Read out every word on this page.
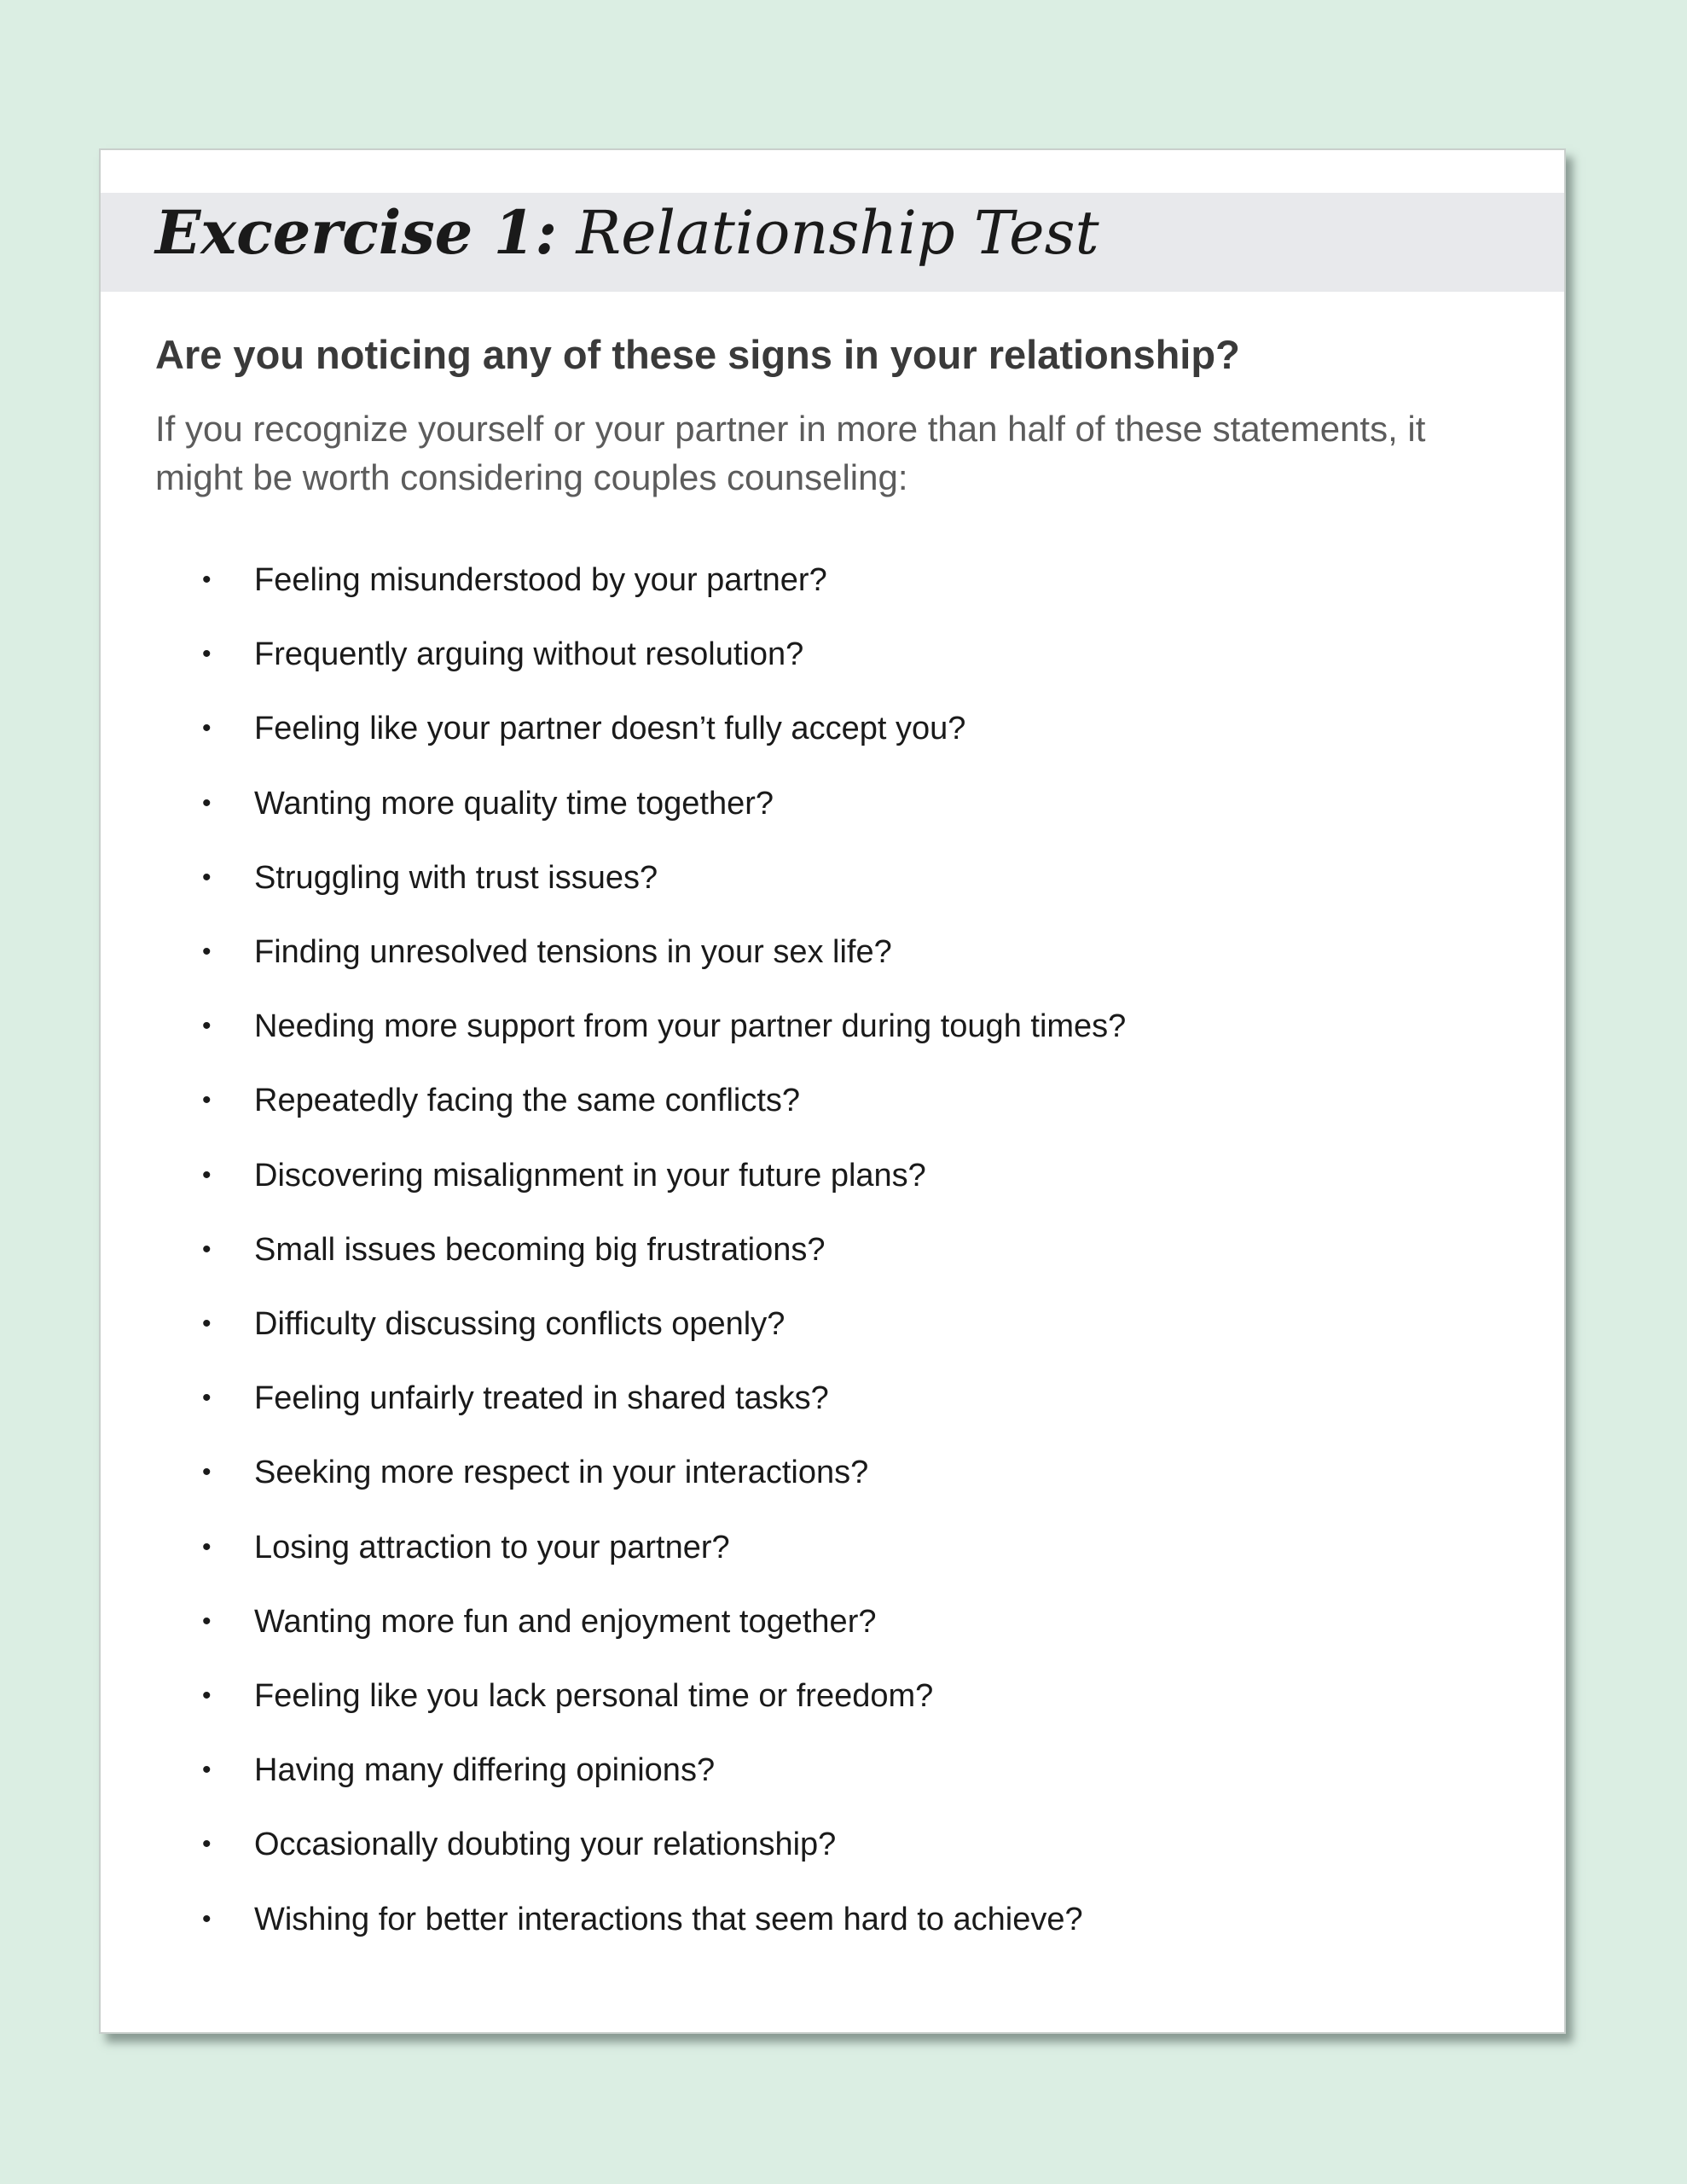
Excercise 1: Relationship Test
Are you noticing any of these signs in your relationship?
If you recognize yourself or your partner in more than half of these statements, it might be worth considering couples counseling:
• Feeling misunderstood by your partner?
• Frequently arguing without resolution?
• Feeling like your partner doesn’t fully accept you?
• Wanting more quality time together?
• Struggling with trust issues?
• Finding unresolved tensions in your sex life?
• Needing more support from your partner during tough times?
• Repeatedly facing the same conflicts?
• Discovering misalignment in your future plans?
• Small issues becoming big frustrations?
• Difficulty discussing conflicts openly?
• Feeling unfairly treated in shared tasks?
• Seeking more respect in your interactions?
• Losing attraction to your partner?
• Wanting more fun and enjoyment together?
• Feeling like you lack personal time or freedom?
• Having many differing opinions?
• Occasionally doubting your relationship?
• Wishing for better interactions that seem hard to achieve?
